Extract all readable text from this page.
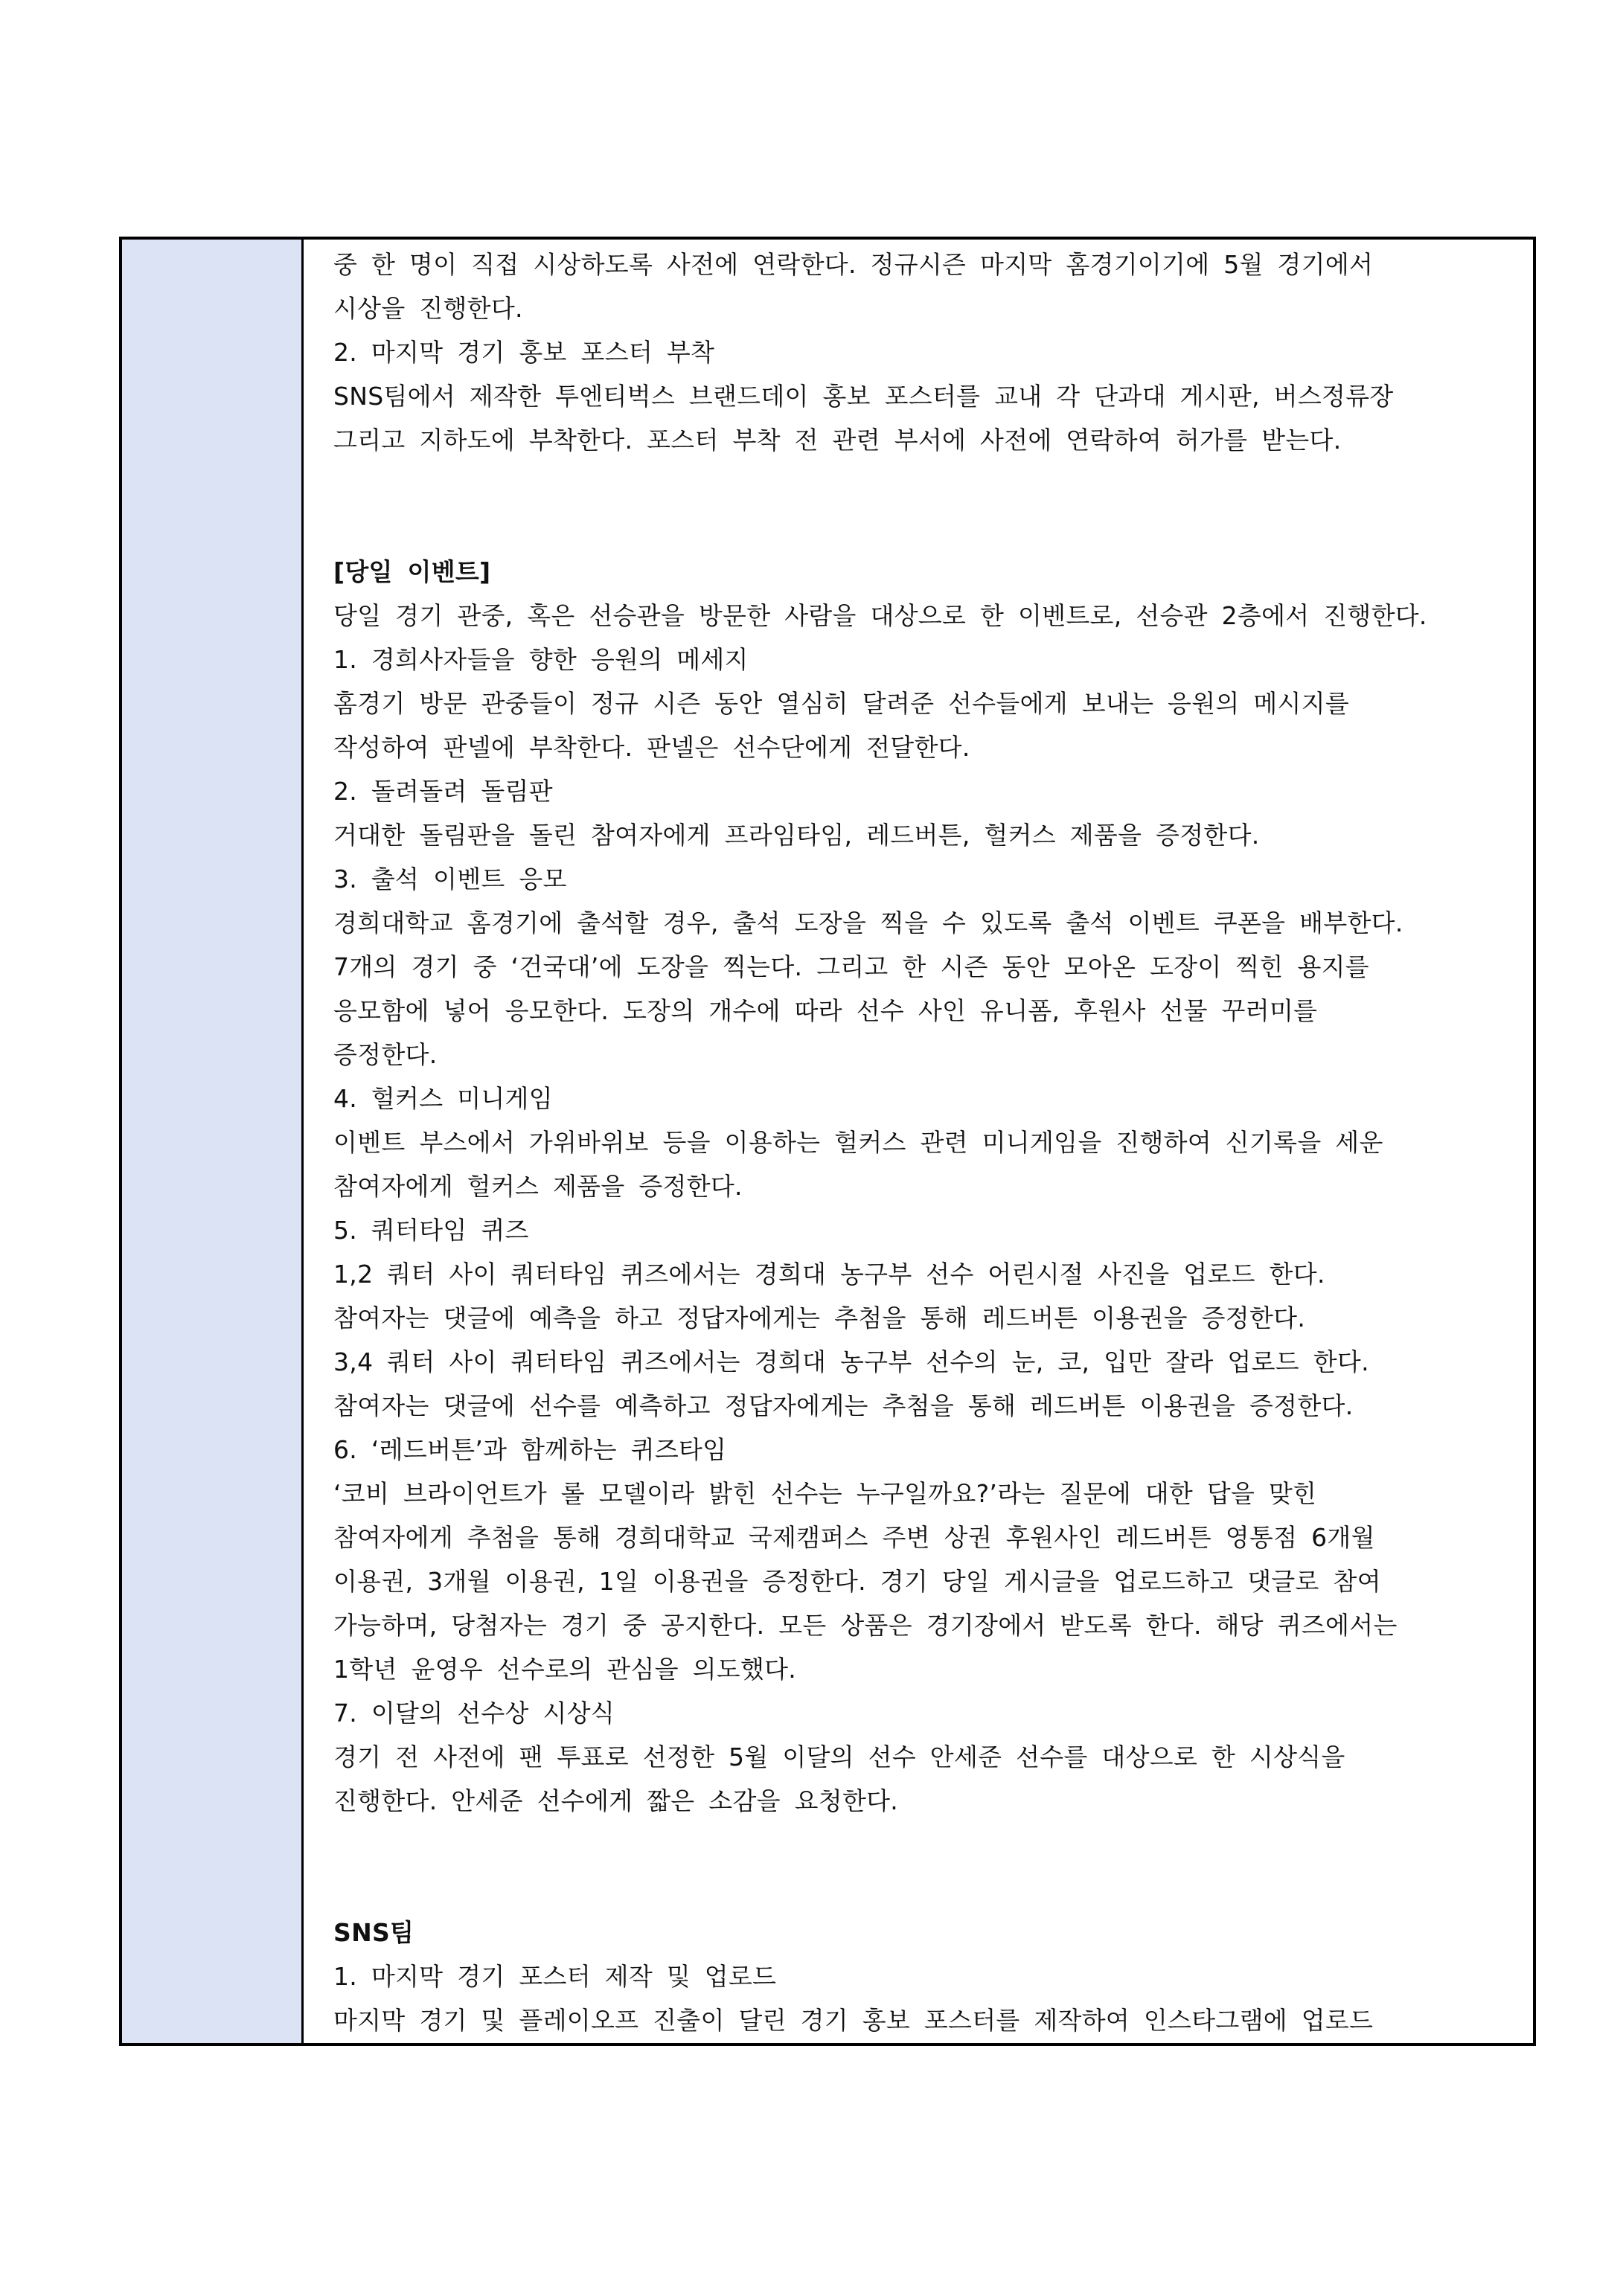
중 한 명이 직접 시상하도록 사전에 연락한다. 정규시즌 마지막 홈경기이기에 5월 경기에서
시상을 진행한다.
2. 마지막 경기 홍보 포스터 부착
SNS팀에서 제작한 투엔티벅스 브랜드데이 홍보 포스터를 교내 각 단과대 게시판, 버스정류장
그리고 지하도에 부착한다. 포스터 부착 전 관련 부서에 사전에 연락하여 허가를 받는다.
[당일 이벤트]
당일 경기 관중, 혹은 선승관을 방문한 사람을 대상으로 한 이벤트로, 선승관 2층에서 진행한다.
1. 경희사자들을 향한 응원의 메세지
홈경기 방문 관중들이 정규 시즌 동안 열심히 달려준 선수들에게 보내는 응원의 메시지를
작성하여 판넬에 부착한다. 판넬은 선수단에게 전달한다.
2. 돌려돌려 돌림판
거대한 돌림판을 돌린 참여자에게 프라임타임, 레드버튼, 헐커스 제품을 증정한다.
3. 출석 이벤트 응모
경희대학교 홈경기에 출석할 경우, 출석 도장을 찍을 수 있도록 출석 이벤트 쿠폰을 배부한다.
7개의 경기 중 ‘건국대’에 도장을 찍는다. 그리고 한 시즌 동안 모아온 도장이 찍힌 용지를
응모함에 넣어 응모한다. 도장의 개수에 따라 선수 사인 유니폼, 후원사 선물 꾸러미를
증정한다.
4. 헐커스 미니게임
이벤트 부스에서 가위바위보 등을 이용하는 헐커스 관련 미니게임을 진행하여 신기록을 세운
참여자에게 헐커스 제품을 증정한다.
5. 쿼터타임 퀴즈
1,2 쿼터 사이 쿼터타임 퀴즈에서는 경희대 농구부 선수 어린시절 사진을 업로드 한다.
참여자는 댓글에 예측을 하고 정답자에게는 추첨을 통해 레드버튼 이용권을 증정한다.
3,4 쿼터 사이 쿼터타임 퀴즈에서는 경희대 농구부 선수의 눈, 코, 입만 잘라 업로드 한다.
참여자는 댓글에 선수를 예측하고 정답자에게는 추첨을 통해 레드버튼 이용권을 증정한다.
6. ‘레드버튼’과 함께하는 퀴즈타임
‘코비 브라이언트가 롤 모델이라 밝힌 선수는 누구일까요?’라는 질문에 대한 답을 맞힌
참여자에게 추첨을 통해 경희대학교 국제캠퍼스 주변 상권 후원사인 레드버튼 영통점 6개월
이용권, 3개월 이용권, 1일 이용권을 증정한다. 경기 당일 게시글을 업로드하고 댓글로 참여
가능하며, 당첨자는 경기 중 공지한다. 모든 상품은 경기장에서 받도록 한다. 해당 퀴즈에서는
1학년 윤영우 선수로의 관심을 의도했다.
7. 이달의 선수상 시상식
경기 전 사전에 팬 투표로 선정한 5월 이달의 선수 안세준 선수를 대상으로 한 시상식을
진행한다. 안세준 선수에게 짧은 소감을 요청한다.
SNS팀
1. 마지막 경기 포스터 제작 및 업로드
마지막 경기 및 플레이오프 진출이 달린 경기 홍보 포스터를 제작하여 인스타그램에 업로드
